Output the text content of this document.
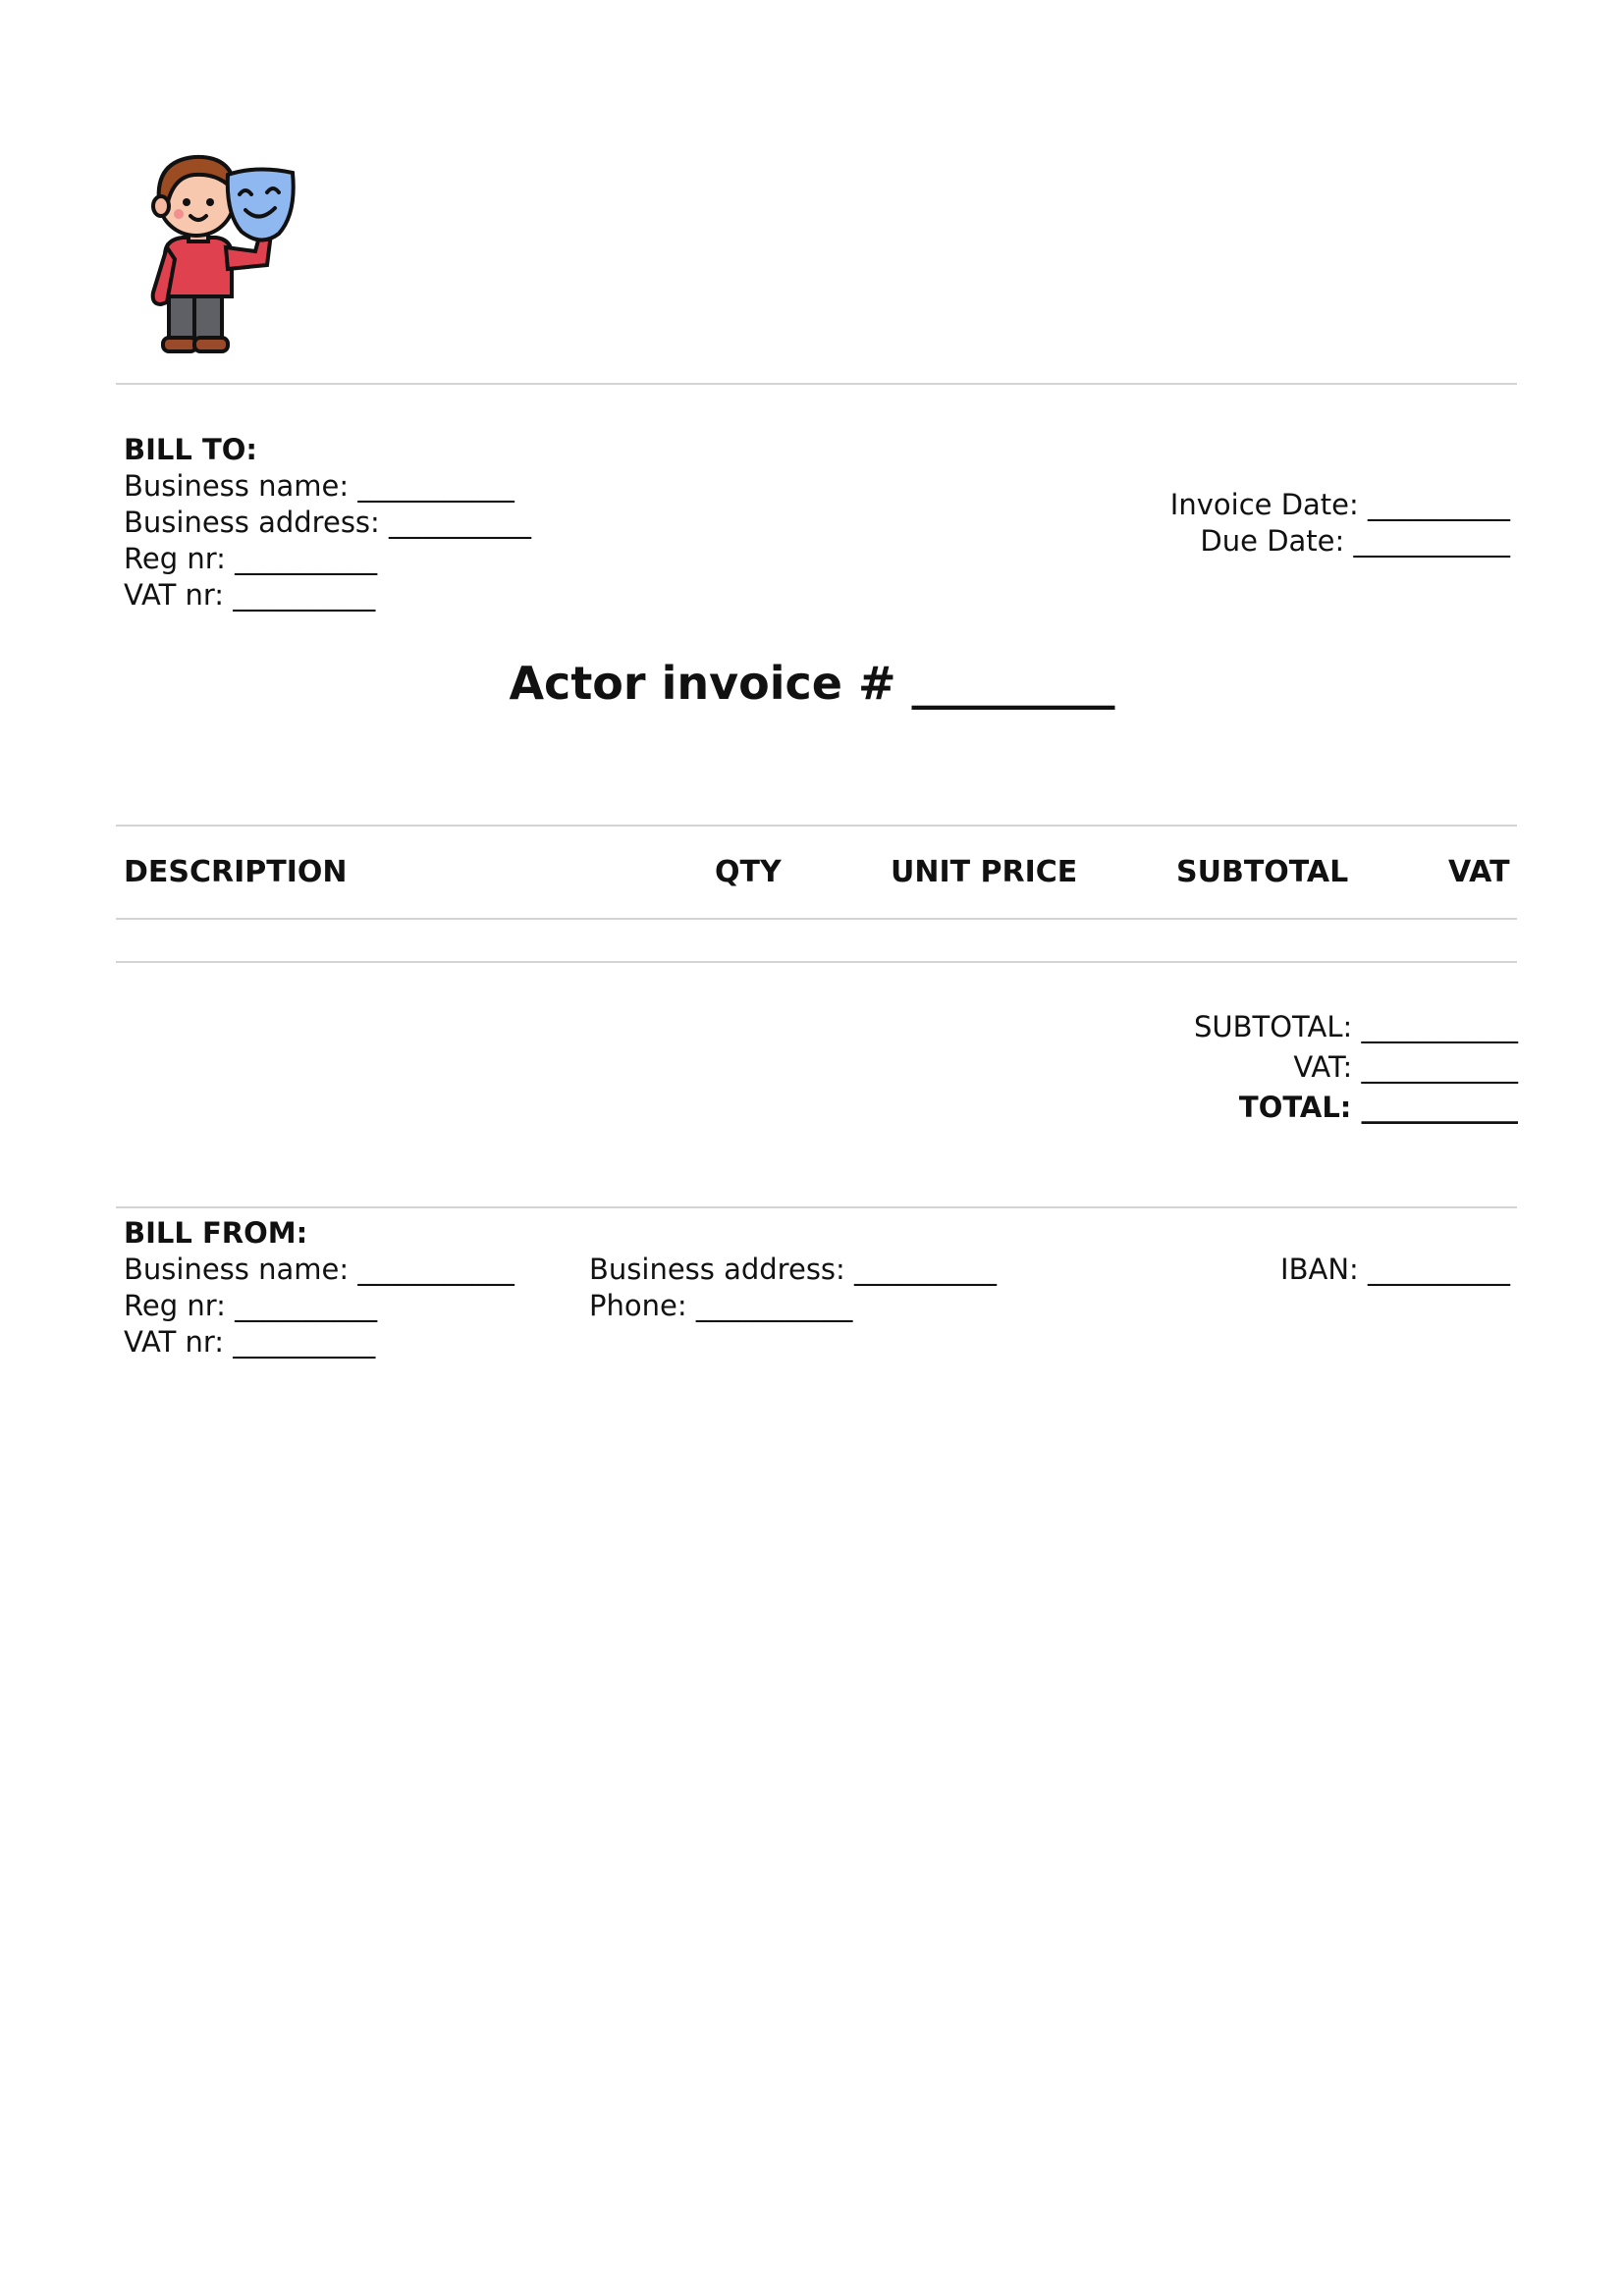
BILL TO:
Business name: ___________
Business address: __________
Reg nr: __________
VAT nr: __________
Invoice Date: __________
Due Date: ___________
Actor invoice # _________
DESCRIPTION	QTY	UNIT PRICE	SUBTOTAL	VAT
SUBTOTAL: ___________
VAT: ___________
TOTAL: ___________
BILL FROM:
Business name: ___________
Reg nr: __________
VAT nr: __________
Business address: __________
Phone: ___________
IBAN: __________
